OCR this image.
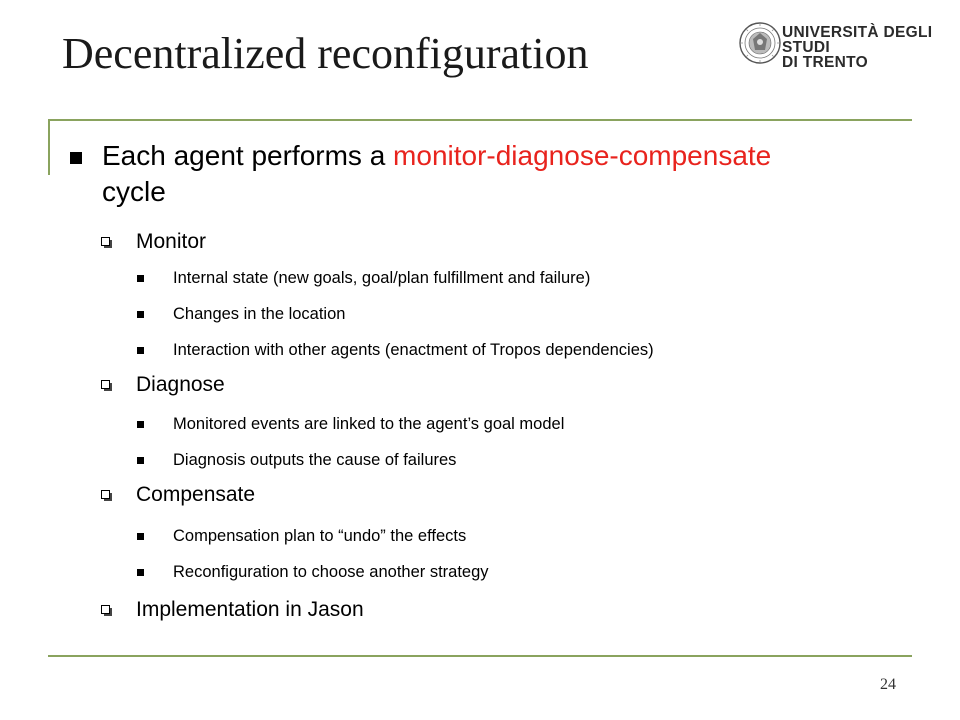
Decentralized reconfiguration	UNIVERSITÀ DEGLI STUDI
DI TRENTO
Each agent performs a monitor-diagnose-compensate cycle
Monitor
Internal state (new goals, goal/plan fulfillment and failure)
Changes in the location
Interaction with other agents (enactment of Tropos dependencies)
Diagnose
Monitored events are linked to the agent’s goal model
Diagnosis outputs the cause of failures
Compensate
Compensation plan to “undo” the effects
Reconfiguration to choose another strategy
Implementation in Jason
24
